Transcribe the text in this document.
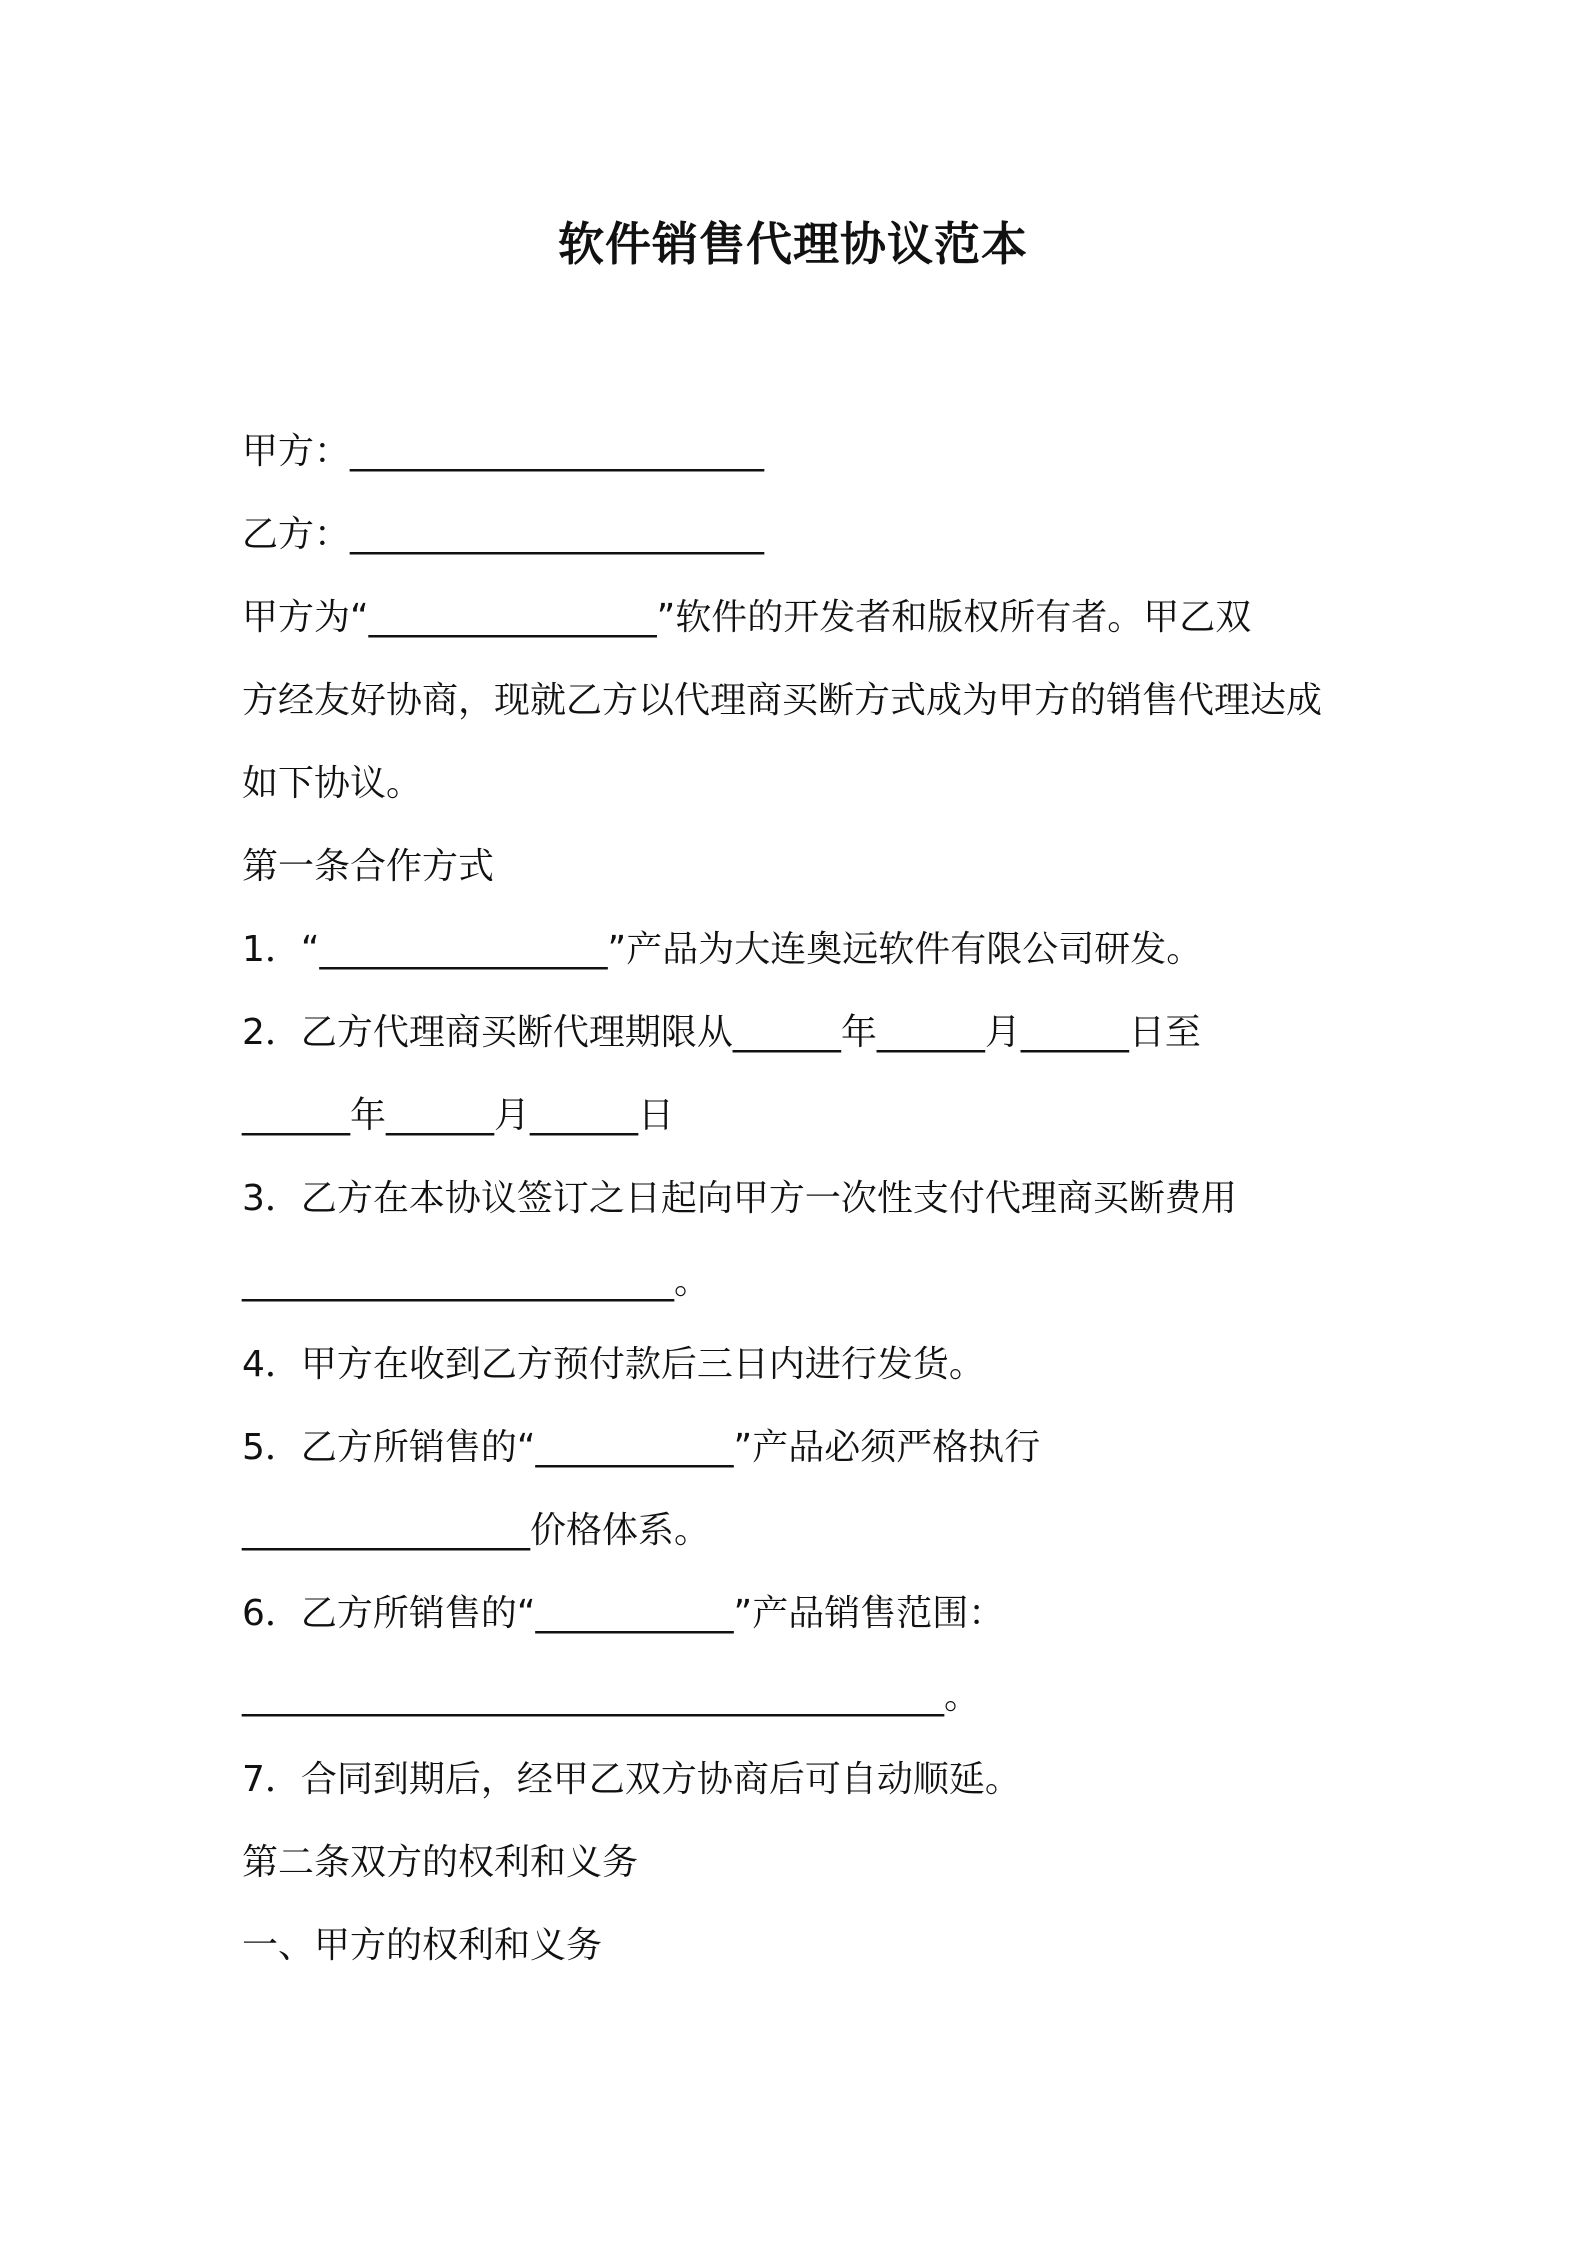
软件销售代理协议范本
甲方：_______________________
乙方：_______________________
甲方为“________________”软件的开发者和版权所有者。甲乙双
方经友好协商，现就乙方以代理商买断方式成为甲方的销售代理达成
如下协议。
第一条合作方式
1．“________________”产品为大连奥远软件有限公司研发。
2．乙方代理商买断代理期限从______年______月______日至
______年______月______日
3．乙方在本协议签订之日起向甲方一次性支付代理商买断费用
________________________。
4．甲方在收到乙方预付款后三日内进行发货。
5．乙方所销售的“___________”产品必须严格执行
________________价格体系。
6．乙方所销售的“___________”产品销售范围：
_______________________________________。
7．合同到期后，经甲乙双方协商后可自动顺延。
第二条双方的权利和义务
一、甲方的权利和义务
